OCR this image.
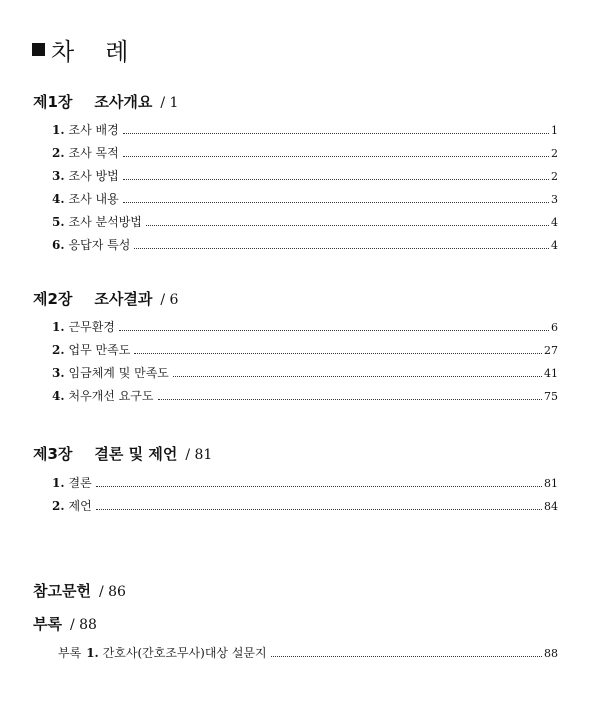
차 례
제1장 조사개요 / 1
1. 조사 배경	1
2. 조사 목적	2
3. 조사 방법	2
4. 조사 내용	3
5. 조사 분석방법	4
6. 응답자 특성	4
제2장 조사결과 / 6
1. 근무환경	6
2. 업무 만족도	27
3. 임금체계 및 만족도	41
4. 처우개선 요구도	75
제3장 결론 및 제언 / 81
1. 결론	81
2. 제언	84
참고문헌 / 86
부록 / 88
부록 1. 간호사(간호조무사)대상 설문지	88
